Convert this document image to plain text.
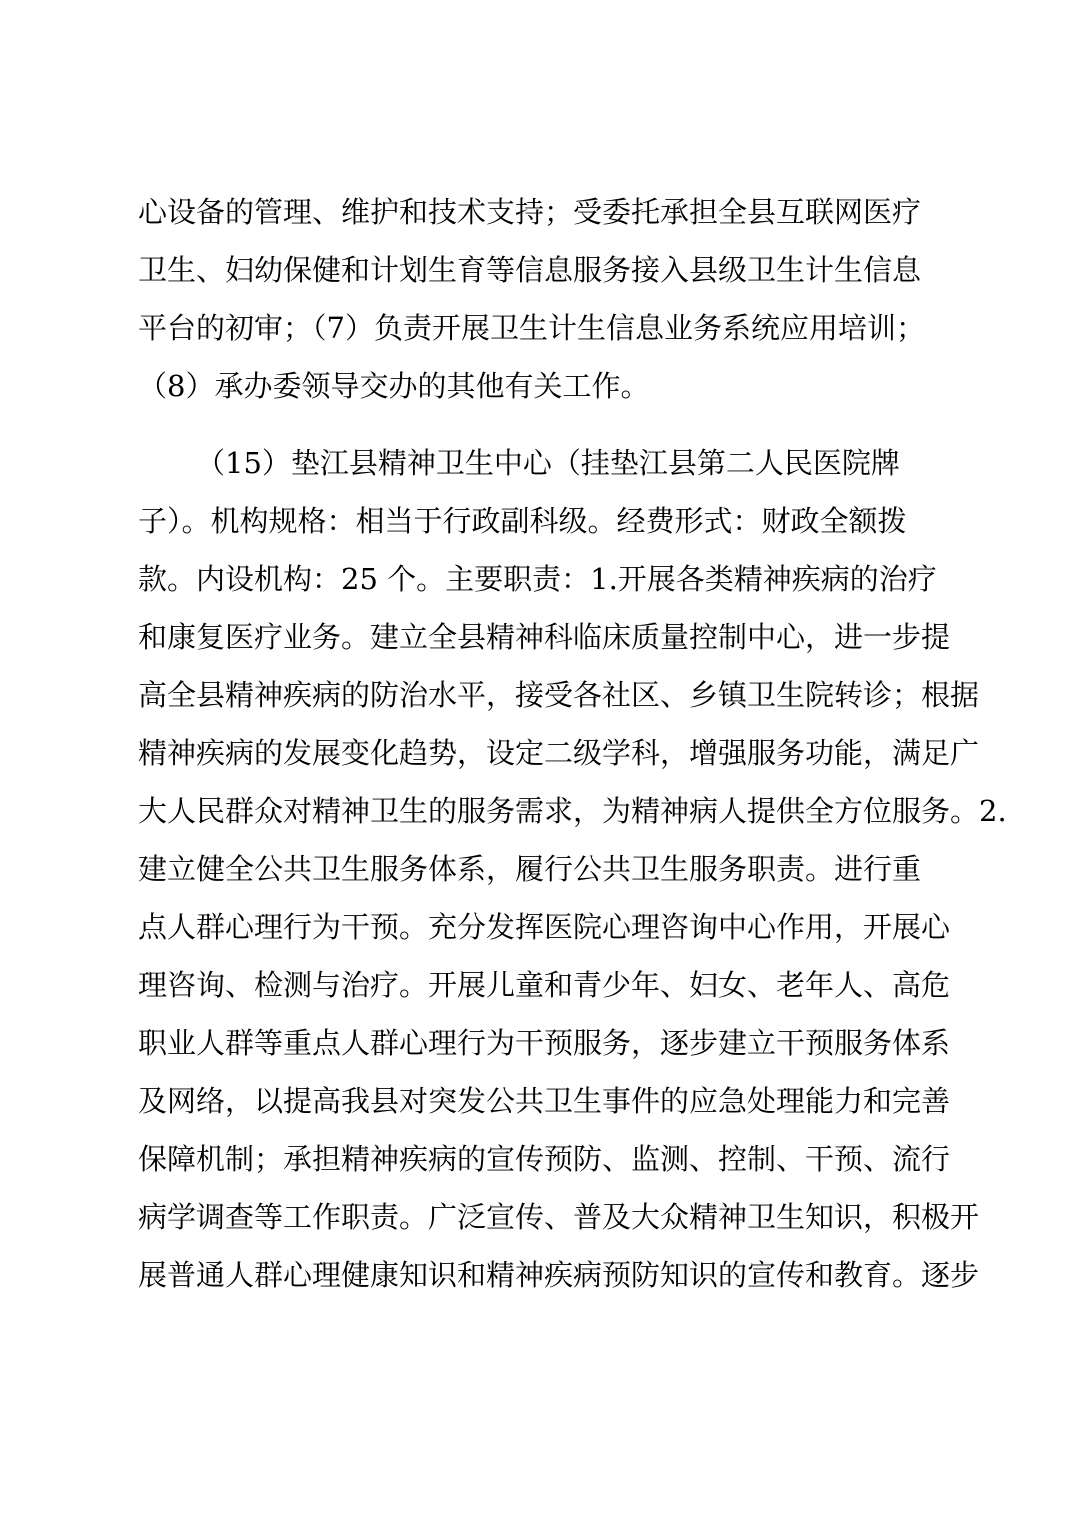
心设备的管理、维护和技术支持；受委托承担全县互联网医疗
卫生、妇幼保健和计划生育等信息服务接入县级卫生计生信息
平台的初审；（7）负责开展卫生计生信息业务系统应用培训；
（8）承办委领导交办的其他有关工作。
（15）垫江县精神卫生中心（挂垫江县第二人民医院牌
子）。机构规格：相当于行政副科级。经费形式：财政全额拨
款。内设机构：25 个。主要职责：1.开展各类精神疾病的治疗
和康复医疗业务。建立全县精神科临床质量控制中心，进一步提
高全县精神疾病的防治水平，接受各社区、乡镇卫生院转诊；根据
精神疾病的发展变化趋势，设定二级学科，增强服务功能，满足广
大人民群众对精神卫生的服务需求，为精神病人提供全方位服务。2.
建立健全公共卫生服务体系，履行公共卫生服务职责。进行重
点人群心理行为干预。充分发挥医院心理咨询中心作用，开展心
理咨询、检测与治疗。开展儿童和青少年、妇女、老年人、高危
职业人群等重点人群心理行为干预服务，逐步建立干预服务体系
及网络，以提高我县对突发公共卫生事件的应急处理能力和完善
保障机制；承担精神疾病的宣传预防、监测、控制、干预、流行
病学调查等工作职责。广泛宣传、普及大众精神卫生知识，积极开
展普通人群心理健康知识和精神疾病预防知识的宣传和教育。逐步
